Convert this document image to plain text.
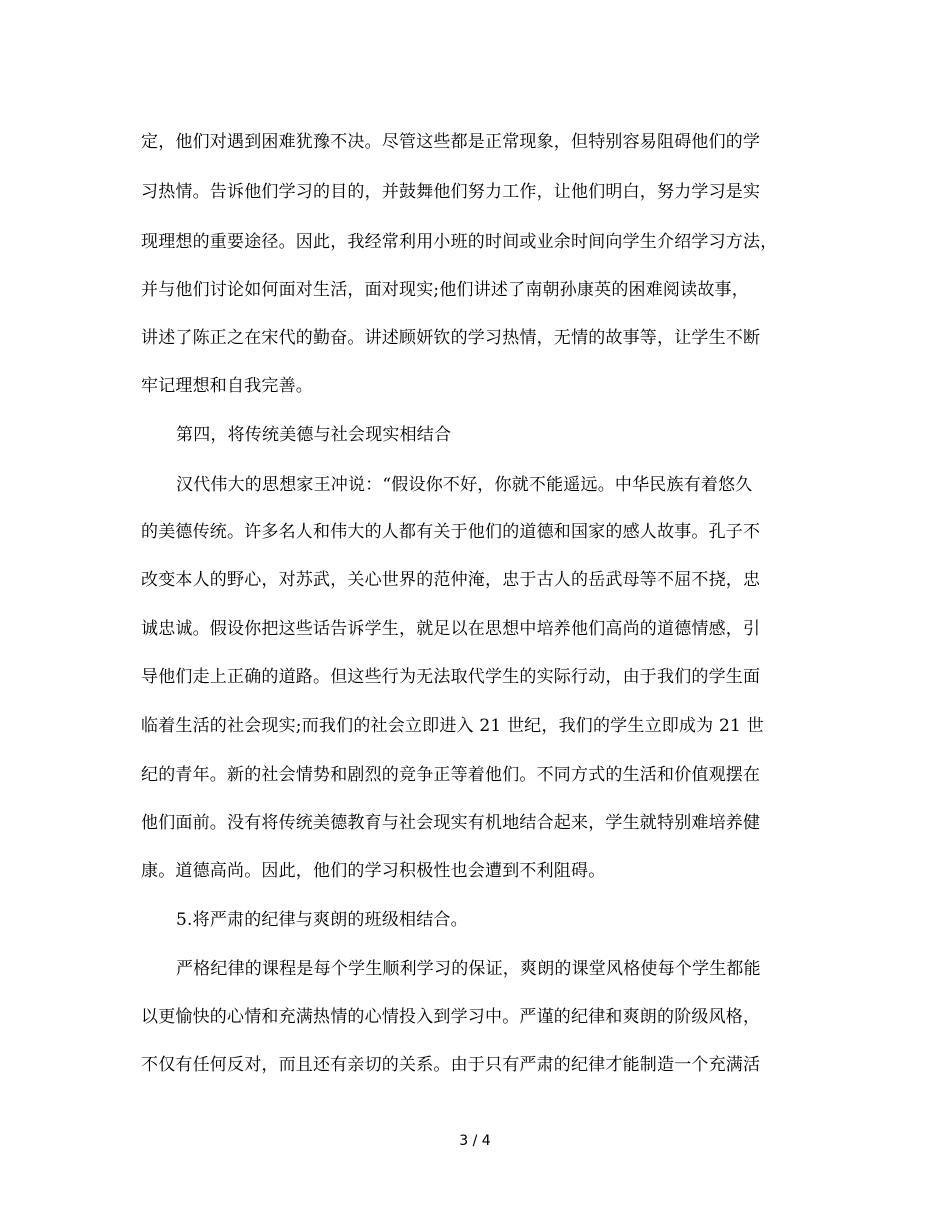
定，他们对遇到困难犹豫不决。尽管这些都是正常现象，但特别容易阻碍他们的学
习热情。告诉他们学习的目的，并鼓舞他们努力工作，让他们明白，努力学习是实
现理想的重要途径。因此，我经常利用小班的时间或业余时间向学生介绍学习方法，
并与他们讨论如何面对生活，面对现实;他们讲述了南朝孙康英的困难阅读故事，
讲述了陈正之在宋代的勤奋。讲述顾妍钦的学习热情，无情的故事等，让学生不断
牢记理想和自我完善。
第四，将传统美德与社会现实相结合
汉代伟大的思想家王冲说：“假设你不好，你就不能遥远。中华民族有着悠久
的美德传统。许多名人和伟大的人都有关于他们的道德和国家的感人故事。孔子不
改变本人的野心，对苏武，关心世界的范仲淹，忠于古人的岳武母等不屈不挠，忠
诚忠诚。假设你把这些话告诉学生，就足以在思想中培养他们高尚的道德情感，引
导他们走上正确的道路。但这些行为无法取代学生的实际行动，由于我们的学生面
临着生活的社会现实;而我们的社会立即进入 21 世纪，我们的学生立即成为 21 世
纪的青年。新的社会情势和剧烈的竞争正等着他们。不同方式的生活和价值观摆在
他们面前。没有将传统美德教育与社会现实有机地结合起来，学生就特别难培养健
康。道德高尚。因此，他们的学习积极性也会遭到不利阻碍。
5.将严肃的纪律与爽朗的班级相结合。
严格纪律的课程是每个学生顺利学习的保证，爽朗的课堂风格使每个学生都能
以更愉快的心情和充满热情的心情投入到学习中。严谨的纪律和爽朗的阶级风格，
不仅有任何反对，而且还有亲切的关系。由于只有严肃的纪律才能制造一个充满活
3 / 4
